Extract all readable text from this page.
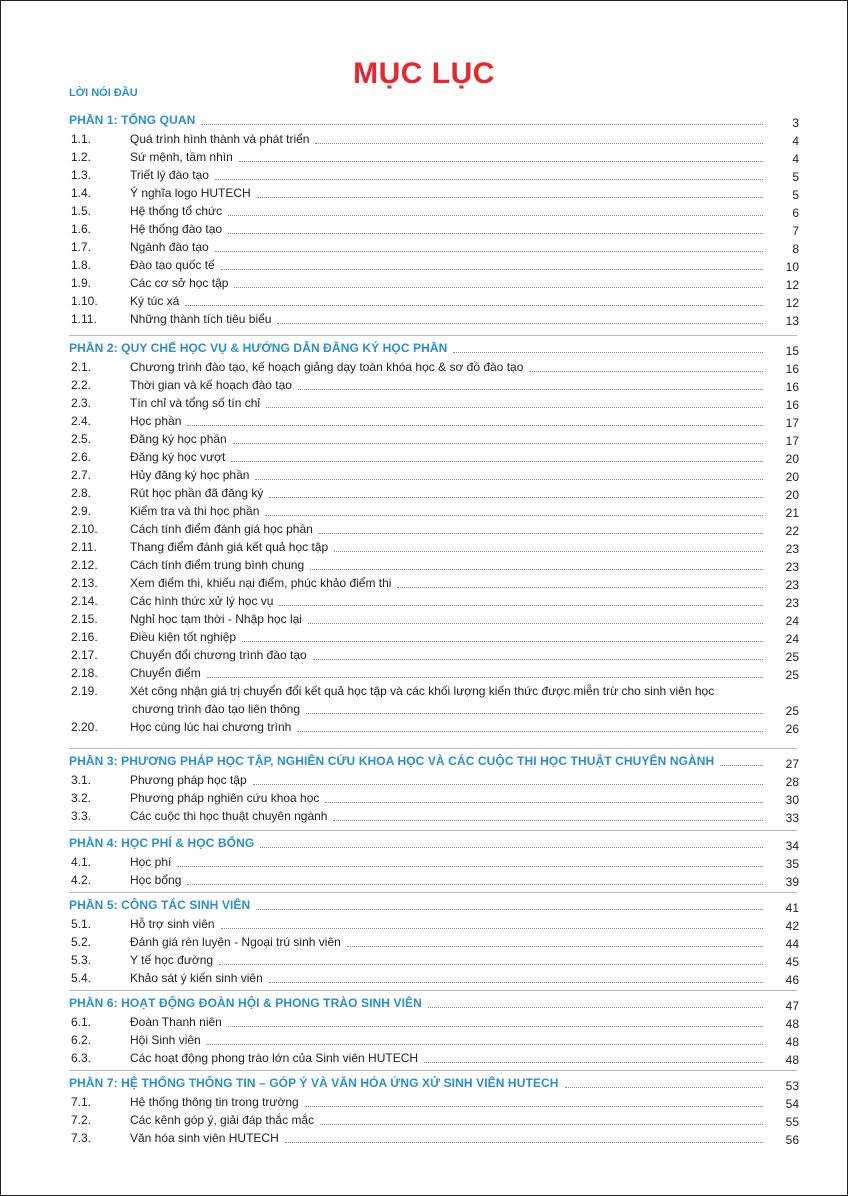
MỤC LỤC
LỜI NÓI ĐẦU
PHẦN 1: TỔNG QUAN	3
1.1.	Quá trình hình thành và phát triển	4
1.2.	Sứ mệnh, tầm nhìn	4
1.3.	Triết lý đào tạo	5
1.4.	Ý nghĩa logo HUTECH	5
1.5.	Hệ thống tổ chức	6
1.6.	Hệ thống đào tạo	7
1.7.	Ngành đào tạo	8
1.8.	Đào tạo quốc tế	10
1.9.	Các cơ sở học tập	12
1.10.	Ký túc xá	12
1.11.	Những thành tích tiêu biểu	13
PHẦN 2: QUY CHẾ HỌC VỤ & HƯỚNG DẪN ĐĂNG KÝ HỌC PHẦN	15
2.1.	Chương trình đào tạo, kế hoạch giảng dạy toàn khóa học & sơ đồ đào tạo	16
2.2.	Thời gian và kế hoạch đào tạo	16
2.3.	Tín chỉ và tổng số tín chỉ	16
2.4.	Học phần	17
2.5.	Đăng ký học phần	17
2.6.	Đăng ký học vượt	20
2.7.	Hủy đăng ký học phần	20
2.8.	Rút học phần đã đăng ký	20
2.9.	Kiểm tra và thi học phần	21
2.10.	Cách tính điểm đánh giá học phần	22
2.11.	Thang điểm đánh giá kết quả học tập	23
2.12.	Cách tính điểm trung bình chung	23
2.13.	Xem điểm thi, khiếu nại điểm, phúc khảo điểm thi	23
2.14.	Các hình thức xử lý học vụ	23
2.15.	Nghỉ học tạm thời - Nhập học lại	24
2.16.	Điều kiện tốt nghiệp	24
2.17.	Chuyển đổi chương trình đào tạo	25
2.18.	Chuyển điểm	25
2.19.	Xét công nhận giá trị chuyển đổi kết quả học tập và các khối lượng kiến thức được miễn trừ cho sinh viên học
chương trình đào tạo liên thông	25
2.20.	Học cùng lúc hai chương trình	26
PHẦN 3: PHƯƠNG PHÁP HỌC TẬP, NGHIÊN CỨU KHOA HỌC VÀ CÁC CUỘC THI HỌC THUẬT CHUYÊN NGÀNH	27
3.1.	Phương pháp học tập	28
3.2.	Phương pháp nghiên cứu khoa học	30
3.3.	Các cuộc thi học thuật chuyên ngành	33
PHẦN 4: HỌC PHÍ & HỌC BỔNG	34
4.1.	Học phí	35
4.2.	Học bổng	39
PHẦN 5: CÔNG TÁC SINH VIÊN	41
5.1.	Hỗ trợ sinh viên	42
5.2.	Đánh giá rèn luyện - Ngoại trú sinh viên	44
5.3.	Y tế học đường	45
5.4.	Khảo sát ý kiến sinh viên	46
PHẦN 6: HOẠT ĐỘNG ĐOÀN HỘI & PHONG TRÀO SINH VIÊN	47
6.1.	Đoàn Thanh niên	48
6.2.	Hội Sinh viên	48
6.3.	Các hoạt động phong trào lớn của Sinh viên HUTECH	48
PHẦN 7: HỆ THỐNG THÔNG TIN – GÓP Ý VÀ VĂN HÓA ỨNG XỬ SINH VIÊN HUTECH	53
7.1.	Hệ thống thông tin trong trường	54
7.2.	Các kênh góp ý, giải đáp thắc mắc	55
7.3.	Văn hóa sinh viên HUTECH	56
